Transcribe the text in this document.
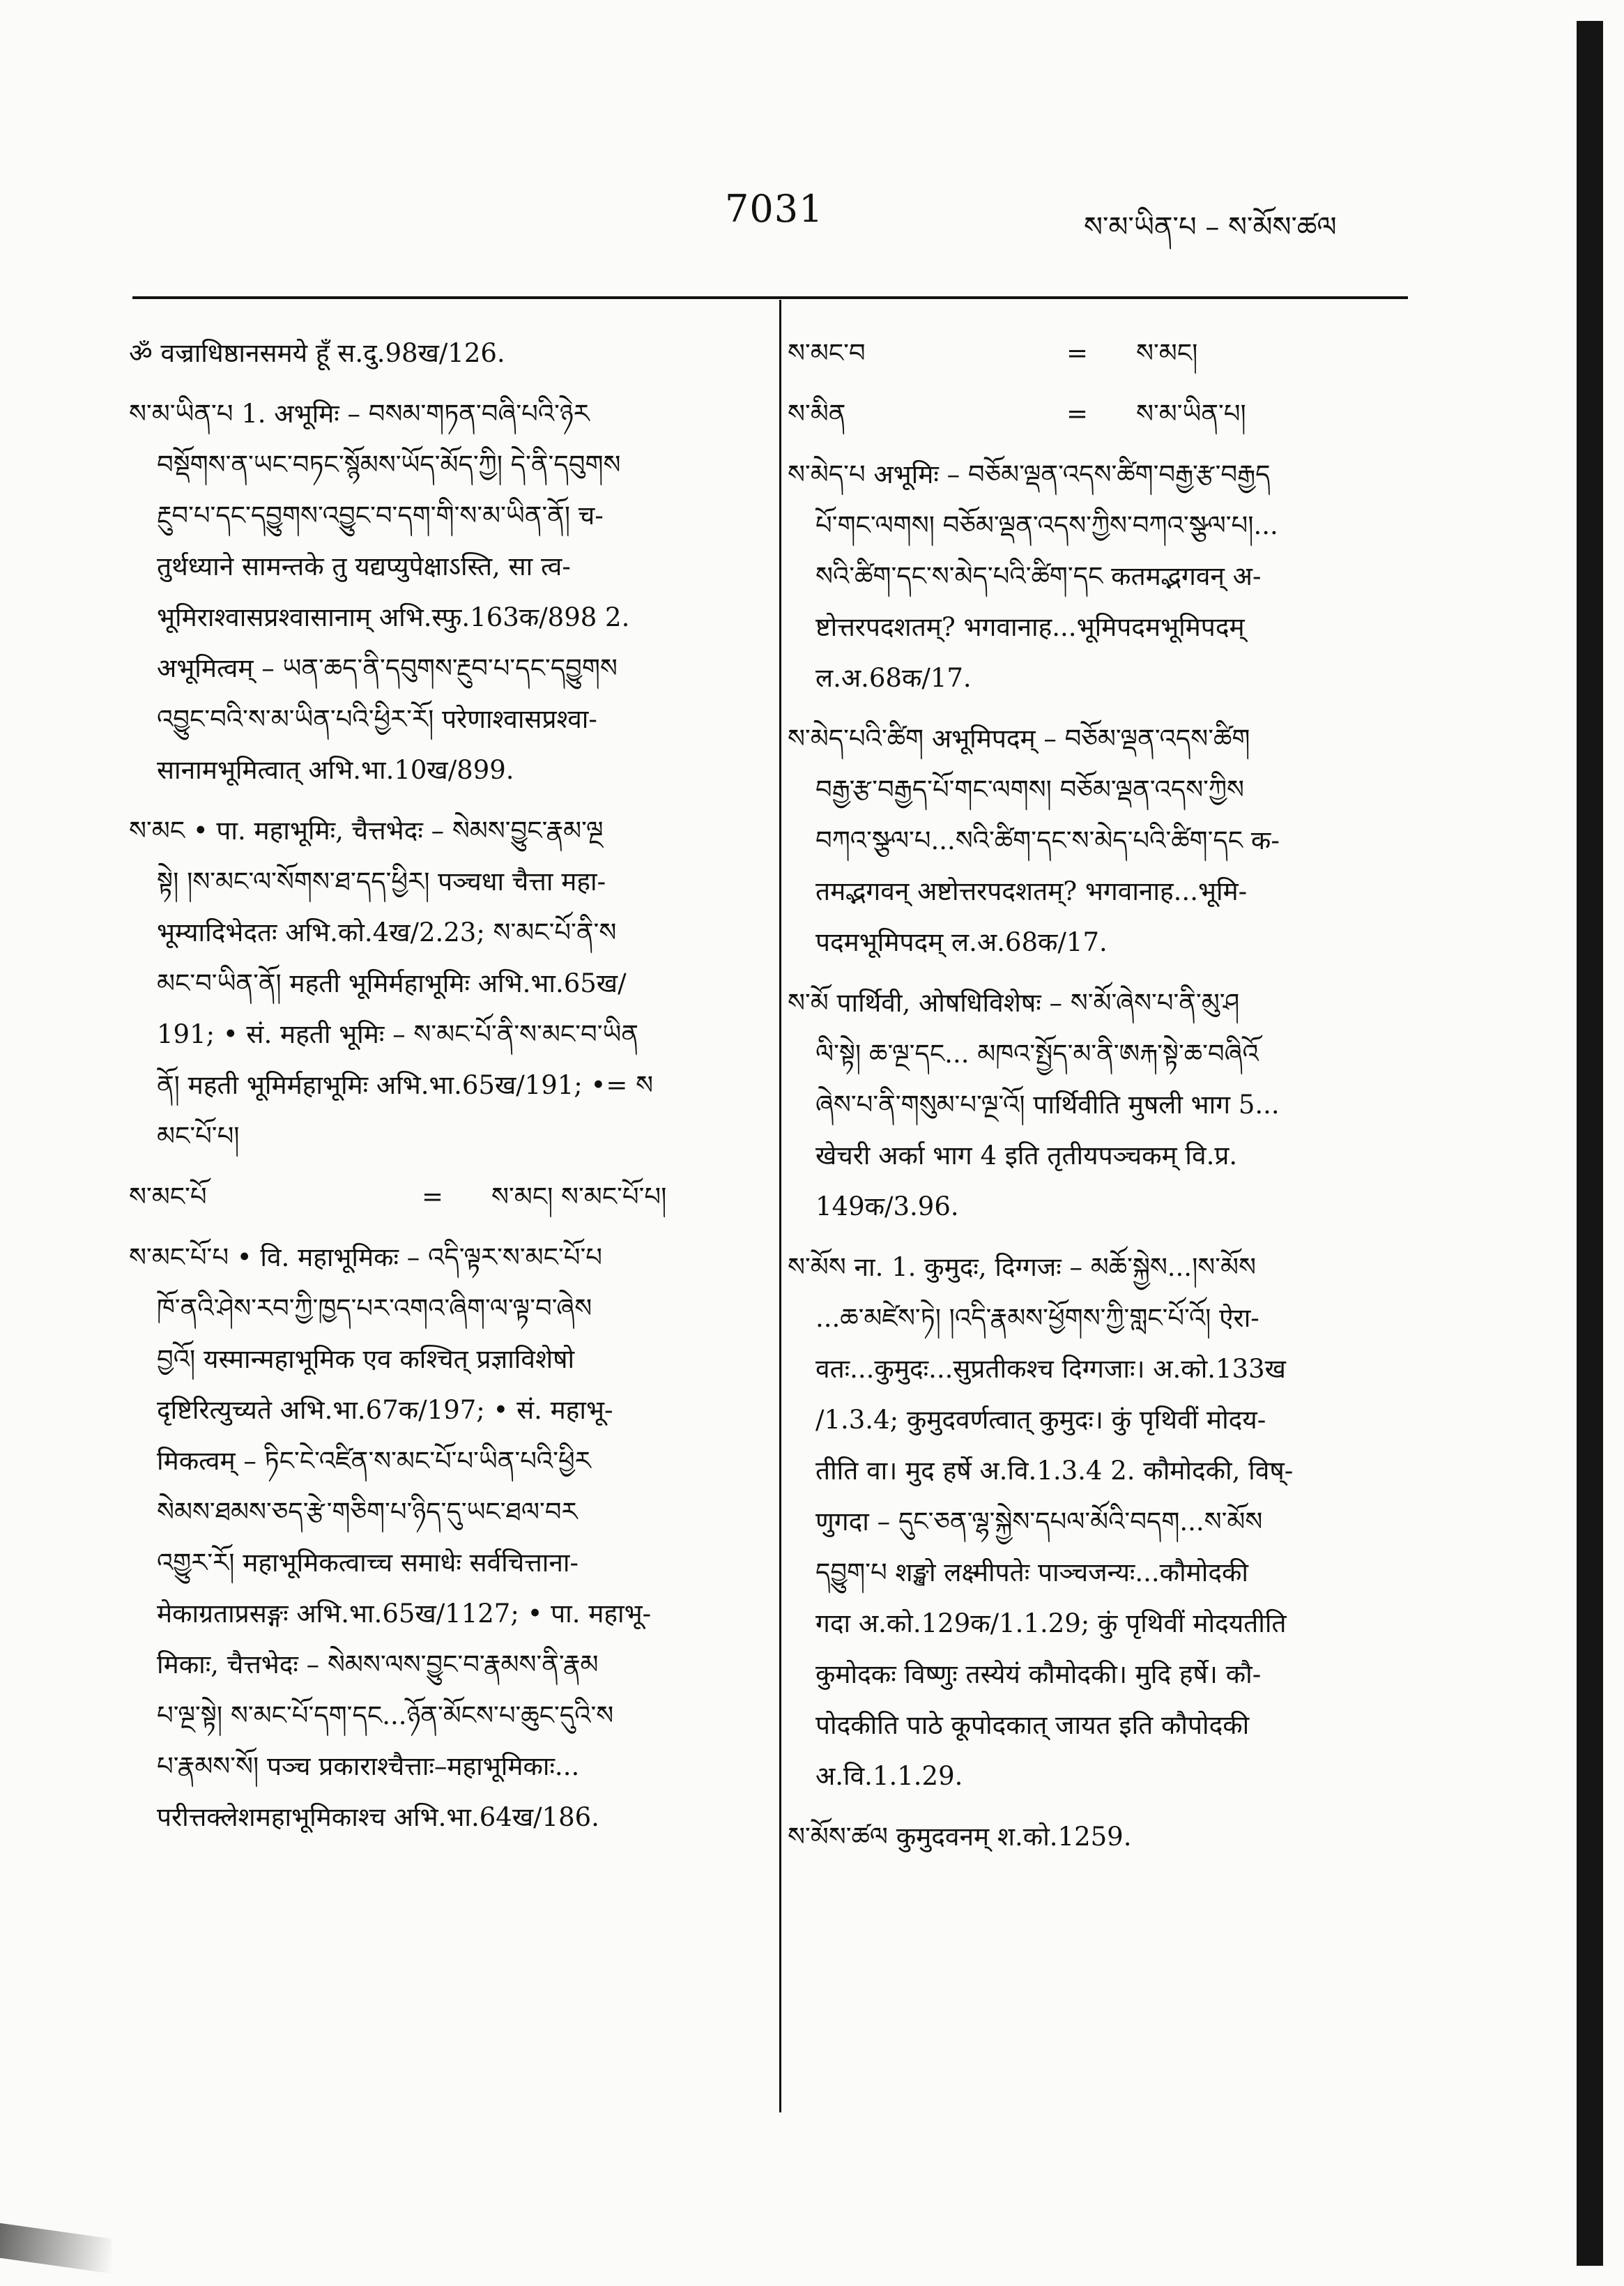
7031	ས་མ་ཡིན་པ – ས་མོས་ཚལ
ॐ वज्राधिष्ठानसमये हूँ स.दु.98ख/126.
ས་མ་ཡིན་པ 1. अभूमिः – བསམ་གཏན་བཞི་པའི་ཉེར
བསྡོགས་ན་ཡང་བཏང་སྙོམས་ཡོད་མོད་ཀྱི། དེ་ནི་དབུགས
རྔུབ་པ་དང་དབྱུགས་འབྱུང་བ་དག་གི་ས་མ་ཡིན་ནོ། च-
तुर्थध्याने सामन्तके तु यद्यप्युपेक्षाऽस्ति, सा त्व-
भूमिराश्वासप्रश्वासानाम् अभि.स्फु.163क/898 2.
अभूमित्वम् – ཡན་ཆད་ནི་དབུགས་རྔུབ་པ་དང་དབྱུགས
འབྱུང་བའི་ས་མ་ཡིན་པའི་ཕྱིར་རོ། परेणाश्वासप्रश्वा-
सानामभूमित्वात् अभि.भा.10ख/899.
ས་མང • पा. महाभूमिः, चैत्तभेदः – སེམས་བྱུང་རྣམ་ལྔ
སྟེ། །ས་མང་ལ་སོགས་ཐ་དད་ཕྱིར། पञ्चधा चैत्ता महा-
भूम्यादिभेदतः अभि.को.4ख/2.23; ས་མང་པོ་ནི་ས
མང་བ་ཡིན་ནོ། महती भूमिर्महाभूमिः अभि.भा.65ख/
191; • सं. महती भूमिः – ས་མང་པོ་ནི་ས་མང་བ་ཡིན
ནོ། महती भूमिर्महाभूमिः अभि.भा.65ख/191; •= ས
མང་པོ་པ།
ས་མང་པོ	= ས་མང། ས་མང་པོ་པ།
ས་མང་པོ་པ • वि. महाभूमिकः – འདི་ལྟར་ས་མང་པོ་པ
ཁོ་ནའི་ཤེས་རབ་ཀྱི་ཁྱད་པར་འགའ་ཞིག་ལ་ལྟ་བ་ཞེས
བྱའོ། यस्मान्महाभूमिक एव कश्चित् प्रज्ञाविशेषो
दृष्टिरित्युच्यते अभि.भा.67क/197; • सं. महाभू-
मिकत्वम् – ཏིང་ངེ་འཛིན་ས་མང་པོ་པ་ཡིན་པའི་ཕྱིར
སེམས་ཐམས་ཅད་རྩེ་གཅིག་པ་ཉིད་དུ་ཡང་ཐལ་བར
འགྱུར་རོ། महाभूमिकत्वाच्च समाधेः सर्वचित्ताना-
मेकाग्रताप्रसङ्गः अभि.भा.65ख/1127; • पा. महाभू-
मिकाः, चैत्तभेदः – སེམས་ལས་བྱུང་བ་རྣམས་ནི་རྣམ
པ་ལྔ་སྟེ། ས་མང་པོ་དག་དང...ཉོན་མོངས་པ་ཆུང་དུའི་ས
པ་རྣམས་སོ། पञ्च प्रकाराश्चैत्ताः–महाभूमिकाः...
परीत्तक्लेशमहाभूमिकाश्च अभि.भा.64ख/186.
ས་མང་བ	= ས་མང།
ས་མིན	= ས་མ་ཡིན་པ།
ས་མེད་པ अभूमिः – བཅོམ་ལྡན་འདས་ཚིག་བརྒྱ་རྩ་བརྒྱད
པོ་གང་ལགས། བཅོམ་ལྡན་འདས་ཀྱིས་བཀའ་སྩལ་པ།...
སའི་ཚིག་དང་ས་མེད་པའི་ཚིག་དང कतमद्भगवन् अ-
ष्टोत्तरपदशतम्? भगवानाह...भूमिपदमभूमिपदम्
ल.अ.68क/17.
ས་མེད་པའི་ཚིག अभूमिपदम् – བཅོམ་ལྡན་འདས་ཚིག
བརྒྱ་རྩ་བརྒྱད་པོ་གང་ལགས། བཅོམ་ལྡན་འདས་ཀྱིས
བཀའ་སྩལ་པ...སའི་ཚིག་དང་ས་མེད་པའི་ཚིག་དང क-
तमद्भगवन् अष्टोत्तरपदशतम्? भगवानाह...भूमि-
पदमभूमिपदम् ल.अ.68क/17.
ས་མོ पार्थिवी, ओषधिविशेषः – ས་མོ་ཞེས་པ་ནི་མུ་ཤ
ལི་སྟེ། ཆ་ལྔ་དང... མཁའ་སྤྱོད་མ་ནི་ཨརྐ་སྟེ་ཆ་བཞིའོ
ཞེས་པ་ནི་གསུམ་པ་ལྔ་འོ། पार्थिवीति मुषली भाग 5...
खेचरी अर्का भाग 4 इति तृतीयपञ्चकम् वि.प्र.
149क/3.96.
ས་མོས ना. 1. कुमुदः, दिग्गजः – མཆོ་སྐྱེས...།ས་མོས
...ཆ་མཛེས་ཏེ། །འདི་རྣམས་ཕྱོགས་ཀྱི་གླང་པོ་འོ། ऐरा-
वतः...कुमुदः...सुप्रतीकश्च दिग्गजाः। अ.को.133ख
/1.3.4; कुमुदवर्णत्वात् कुमुदः। कुं पृथिवीं मोदय-
तीति वा। मुद हर्षे अ.वि.1.3.4 2. कौमोदकी, विष्-
णुगदा – དུང་ཅན་ལྷ་སྐྱེས་དཔལ་མོའི་བདག...ས་མོས
དབྱུག་པ शङ्खो लक्ष्मीपतेः पाञ्चजन्यः...कौमोदकी
गदा अ.को.129क/1.1.29; कुं पृथिवीं मोदयतीति
कुमोदकः विष्णुः तस्येयं कौमोदकी। मुदि हर्षे। कौ-
पोदकीति पाठे कूपोदकात् जायत इति कौपोदकी
अ.वि.1.1.29.
ས་མོས་ཚལ कुमुदवनम् श.को.1259.
